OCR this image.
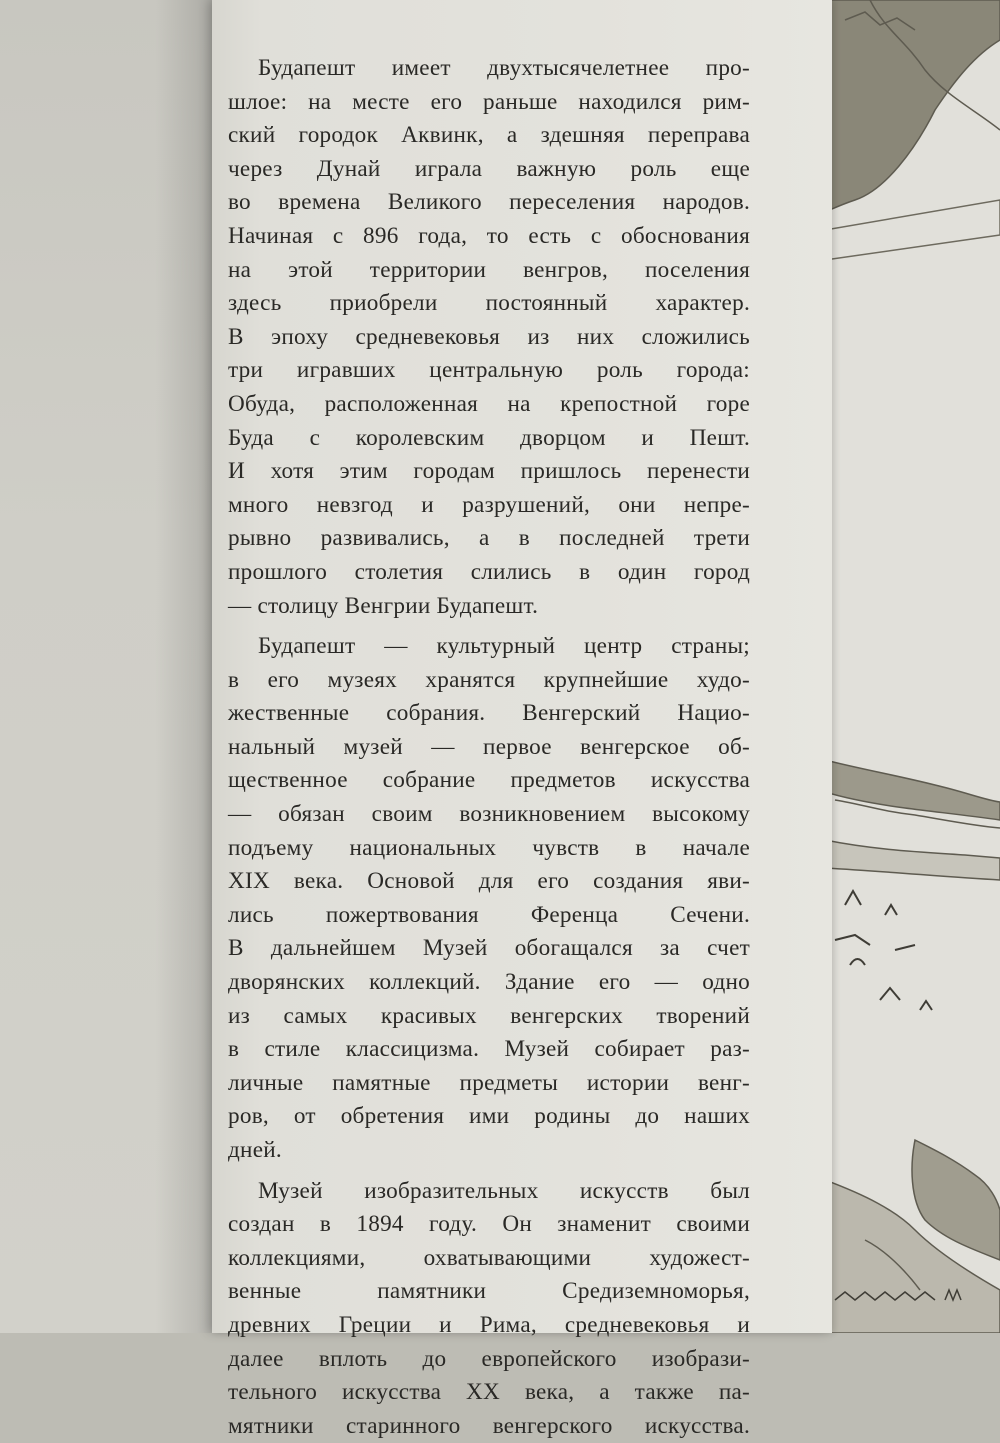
Будапешт имеет двухтысячелетнее про-
шлое: на месте его раньше находился рим-
ский городок Аквинк, а здешняя переправа
через Дунай играла важную роль еще
во времена Великого переселения народов.
Начиная с 896 года, то есть с обоснования
на этой территории венгров, поселения
здесь приобрели постоянный характер.
В эпоху средневековья из них сложились
три игравших центральную роль города:
Обуда, расположенная на крепостной горе
Буда с королевским дворцом и Пешт.
И хотя этим городам пришлось перенести
много невзгод и разрушений, они непре-
рывно развивались, а в последней трети
прошлого столетия слились в один город
— столицу Венгрии Будапешт.
Будапешт — культурный центр страны;
в его музеях хранятся крупнейшие худо-
жественные собрания. Венгерский Нацио-
нальный музей — первое венгерское об-
щественное собрание предметов искусства
— обязан своим возникновением высокому
подъему национальных чувств в начале
XIX века. Основой для его создания яви-
лись пожертвования Ференца Сечени.
В дальнейшем Музей обогащался за счет
дворянских коллекций. Здание его — одно
из самых красивых венгерских творений
в стиле классицизма. Музей собирает раз-
личные памятные предметы истории венг-
ров, от обретения ими родины до наших
дней.
Музей изобразительных искусств был
создан в 1894 году. Он знаменит своими
коллекциями, охватывающими художест-
венные памятники Средиземноморья,
древних Греции и Рима, средневековья и
далее вплоть до европейского изобрази-
тельного искусства XX века, а также па-
мятники старинного венгерского искусства.
